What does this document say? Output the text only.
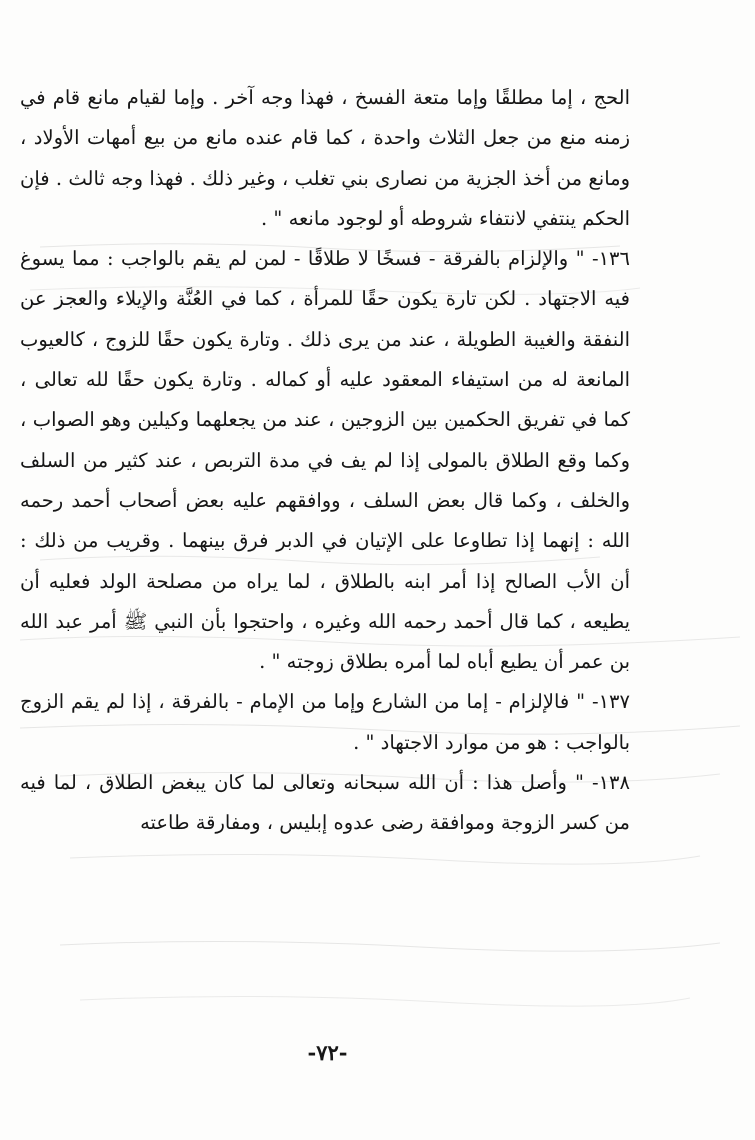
الحج ، إما مطلقًا وإما متعة الفسخ ، فهذا وجه آخر . وإما لقيام مانع قام في زمنه منع من جعل الثلاث واحدة ، كما قام عنده مانع من بيع أمهات الأولاد ، ومانع من أخذ الجزية من نصارى بني تغلب ، وغير ذلك . فهذا وجه ثالث . فإن الحكم ينتفي لانتفاء شروطه أو لوجود مانعه " .

١٣٦- " والإلزام بالفرقة - فسخًا لا طلاقًا - لمن لم يقم بالواجب : مما يسوغ فيه الاجتهاد . لكن تارة يكون حقًا للمرأة ، كما في العُنَّة والإيلاء والعجز عن النفقة والغيبة الطويلة ، عند من يرى ذلك . وتارة يكون حقًا للزوج ، كالعيوب المانعة له من استيفاء المعقود عليه أو كماله . وتارة يكون حقًا لله تعالى ، كما في تفريق الحكمين بين الزوجين ، عند من يجعلهما وكيلين وهو الصواب ، وكما وقع الطلاق بالمولى إذا لم يف في مدة التربص ، عند كثير من السلف والخلف ، وكما قال بعض السلف ، ووافقهم عليه بعض أصحاب أحمد رحمه الله : إنهما إذا تطاوعا على الإتيان في الدبر فرق بينهما . وقريب من ذلك : أن الأب الصالح إذا أمر ابنه بالطلاق ، لما يراه من مصلحة الولد فعليه أن يطيعه ، كما قال أحمد رحمه الله وغيره ، واحتجوا بأن النبي ﷺ أمر عبد الله بن عمر أن يطيع أباه لما أمره بطلاق زوجته " .

١٣٧- " فالإلزام - إما من الشارع وإما من الإمام - بالفرقة ، إذا لم يقم الزوج بالواجب : هو من موارد الاجتهاد " .

١٣٨- " وأصل هذا : أن الله سبحانه وتعالى لما كان يبغض الطلاق ، لما فيه من كسر الزوجة وموافقة رضى عدوه إبليس ، ومفارقة طاعته

-٧٢-
